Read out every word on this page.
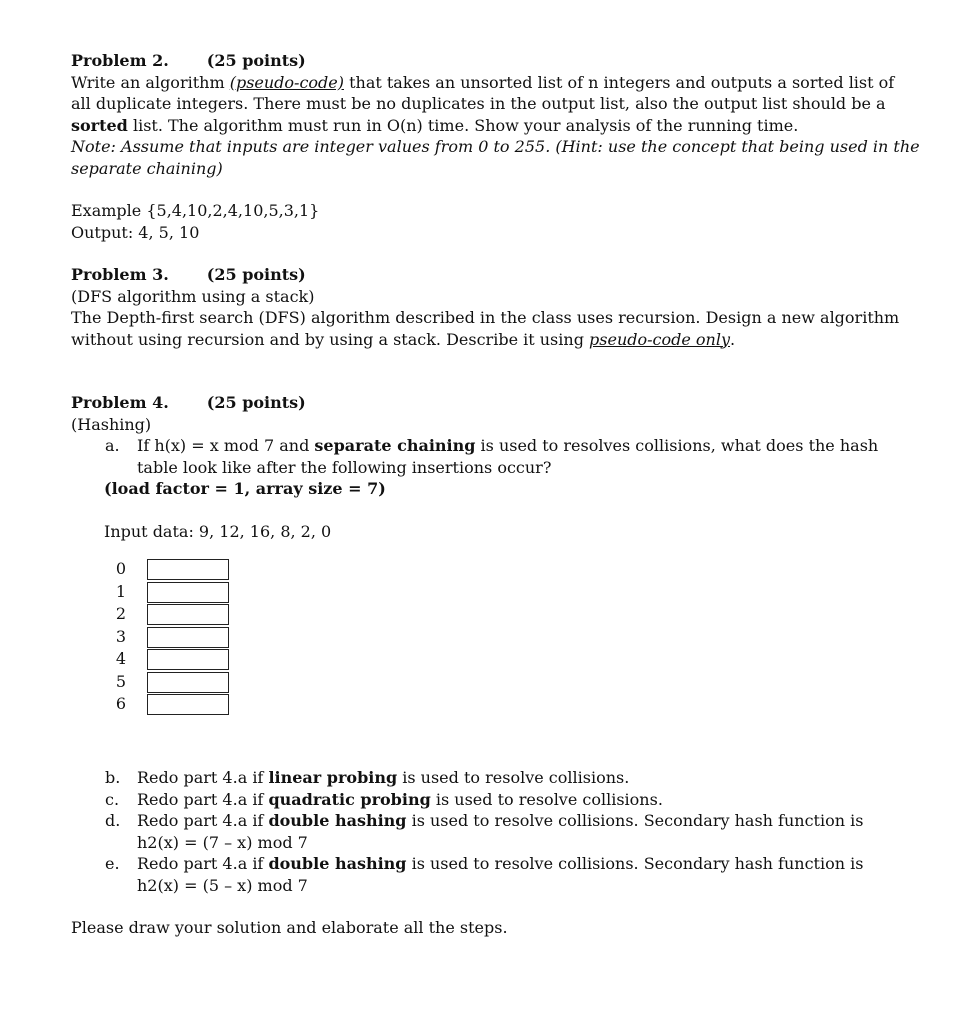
Problem 2. (25 points)
Write an algorithm (pseudo-code) that takes an unsorted list of n integers and outputs a sorted list of
all duplicate integers. There must be no duplicates in the output list, also the output list should be a
sorted list. The algorithm must run in O(n) time. Show your analysis of the running time.
Note: Assume that inputs are integer values from 0 to 255. (Hint: use the concept that being used in the
separate chaining)
Example {5,4,10,2,4,10,5,3,1}
Output: 4, 5, 10
Problem 3. (25 points)
(DFS algorithm using a stack)
The Depth-first search (DFS) algorithm described in the class uses recursion. Design a new algorithm
without using recursion and by using a stack. Describe it using pseudo-code only.
Problem 4. (25 points)
(Hashing)
a. If h(x) = x mod 7 and separate chaining is used to resolves collisions, what does the hash
table look like after the following insertions occur?
(load factor = 1, array size = 7)
Input data: 9, 12, 16, 8, 2, 0
0
1
2
3
4
5
6
b. Redo part 4.a if linear probing is used to resolve collisions.
c. Redo part 4.a if quadratic probing is used to resolve collisions.
d. Redo part 4.a if double hashing is used to resolve collisions. Secondary hash function is
h2(x) = (7 – x) mod 7
e. Redo part 4.a if double hashing is used to resolve collisions. Secondary hash function is
h2(x) = (5 – x) mod 7
Please draw your solution and elaborate all the steps.
